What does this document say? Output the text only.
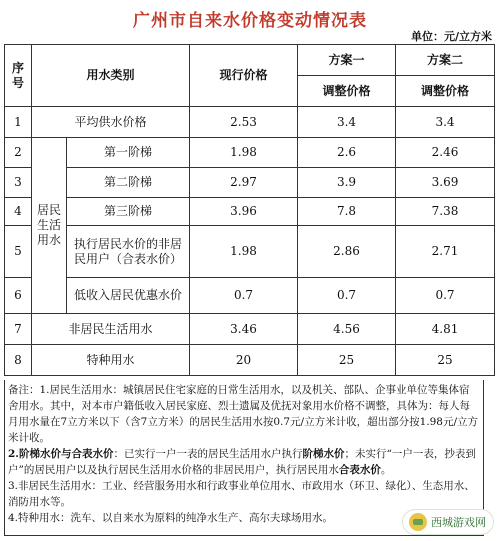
广州市自来水价格变动情况表
单位：元/立方米
序号	用水类别		现行价格	方案一	方案二
				调整价格	调整价格
1	平均供水价格		2.53	3.4	3.4
2	居民生活用水	第一阶梯	1.98	2.6	2.46
3		第二阶梯	2.97	3.9	3.69
4		第三阶梯	3.96	7.8	7.38
5		执行居民水价的非居民用户（合表水价）	1.98	2.86	2.71
6		低收入居民优惠水价	0.7	0.7	0.7
7	非居民生活用水		3.46	4.56	4.81
8	特种用水		20	25	25

备注：1.居民生活用水：城镇居民住宅家庭的日常生活用水，以及机关、部队、企事业单位等集体宿舍用水。其中，对本市户籍低收入居民家庭、烈士遗属及优抚对象用水价格不调整，具体为：每人每月用水量在7立方米以下（含7立方米）的居民生活用水按0.7元/立方米计收，超出部分按1.98元/立方米计收。

2.阶梯水价与合表水价：已实行一户一表的居民生活用水户执行阶梯水价；未实行“一户一表，抄表到户”的居民用户以及执行居民生活用水价格的非居民用户，执行居民用水合表水价。

3.非居民生活用水：工业、经营服务用水和行政事业单位用水、市政用水（环卫、绿化）、生态用水、消防用水等。

4.特种用水：洗车、以自来水为原料的纯净水生产、高尔夫球场用水。	西城游戏网
